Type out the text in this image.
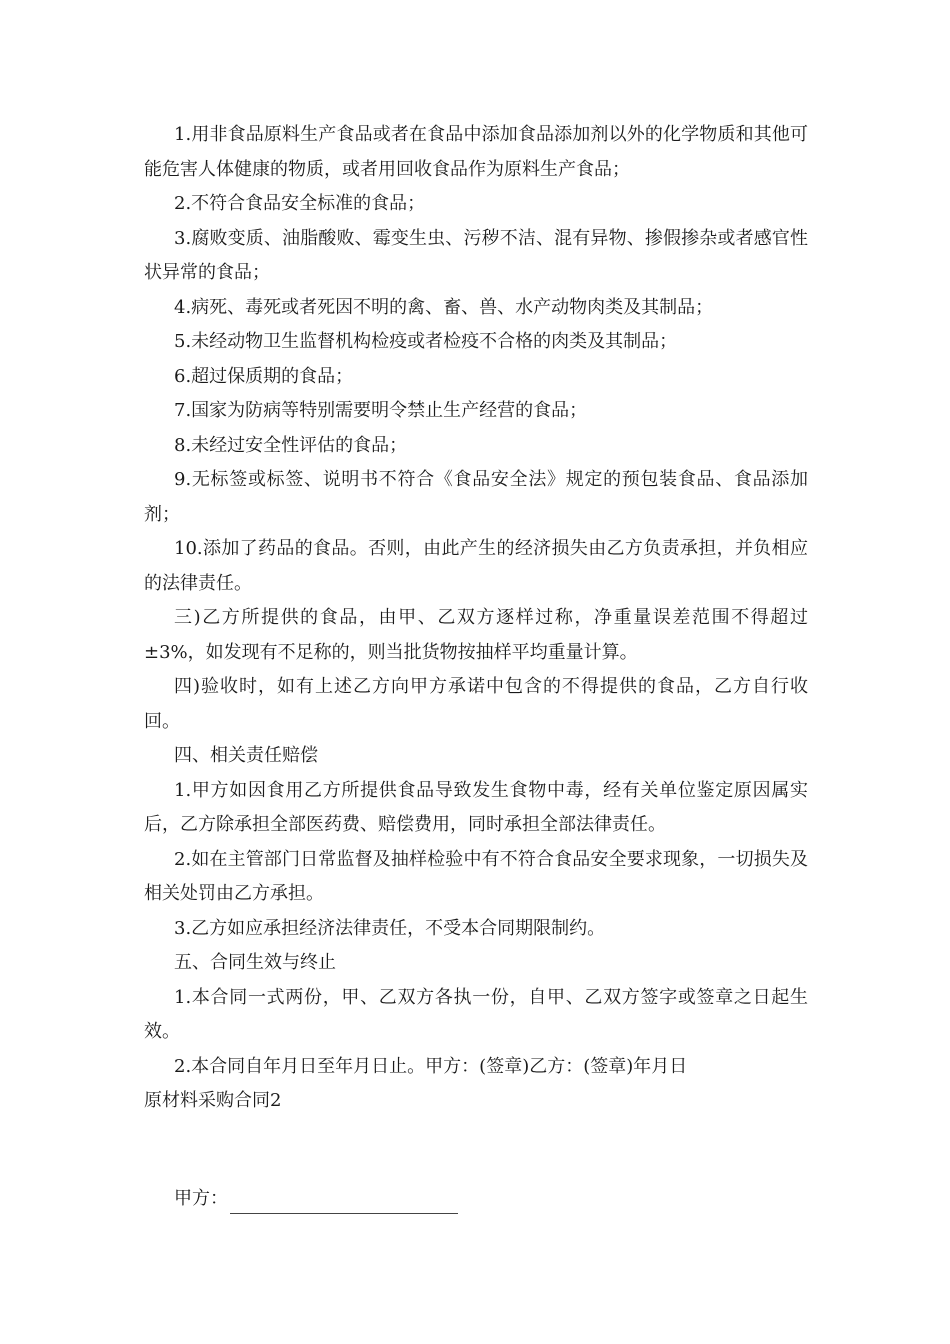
1.用非食品原料生产食品或者在食品中添加食品添加剂以外的化学物质和其他可能危害人体健康的物质，或者用回收食品作为原料生产食品；

2.不符合食品安全标准的食品；

3.腐败变质、油脂酸败、霉变生虫、污秽不洁、混有异物、掺假掺杂或者感官性状异常的食品；

4.病死、毒死或者死因不明的禽、畜、兽、水产动物肉类及其制品；

5.未经动物卫生监督机构检疫或者检疫不合格的肉类及其制品；

6.超过保质期的食品；

7.国家为防病等特别需要明令禁止生产经营的食品；

8.未经过安全性评估的食品；

9.无标签或标签、说明书不符合《食品安全法》规定的预包装食品、食品添加剂；

10.添加了药品的食品。否则，由此产生的经济损失由乙方负责承担，并负相应的法律责任。

三)乙方所提供的食品，由甲、乙双方逐样过称，净重量误差范围不得超过±3%，如发现有不足称的，则当批货物按抽样平均重量计算。

四)验收时，如有上述乙方向甲方承诺中包含的不得提供的食品，乙方自行收回。

四、相关责任赔偿

1.甲方如因食用乙方所提供食品导致发生食物中毒，经有关单位鉴定原因属实后，乙方除承担全部医药费、赔偿费用，同时承担全部法律责任。

2.如在主管部门日常监督及抽样检验中有不符合食品安全要求现象，一切损失及相关处罚由乙方承担。

3.乙方如应承担经济法律责任，不受本合同期限制约。

五、合同生效与终止

1.本合同一式两份，甲、乙双方各执一份，自甲、乙双方签字或签章之日起生效。

2.本合同自年月日至年月日止。甲方：(签章)乙方：(签章)年月日

原材料采购合同2

甲方：
